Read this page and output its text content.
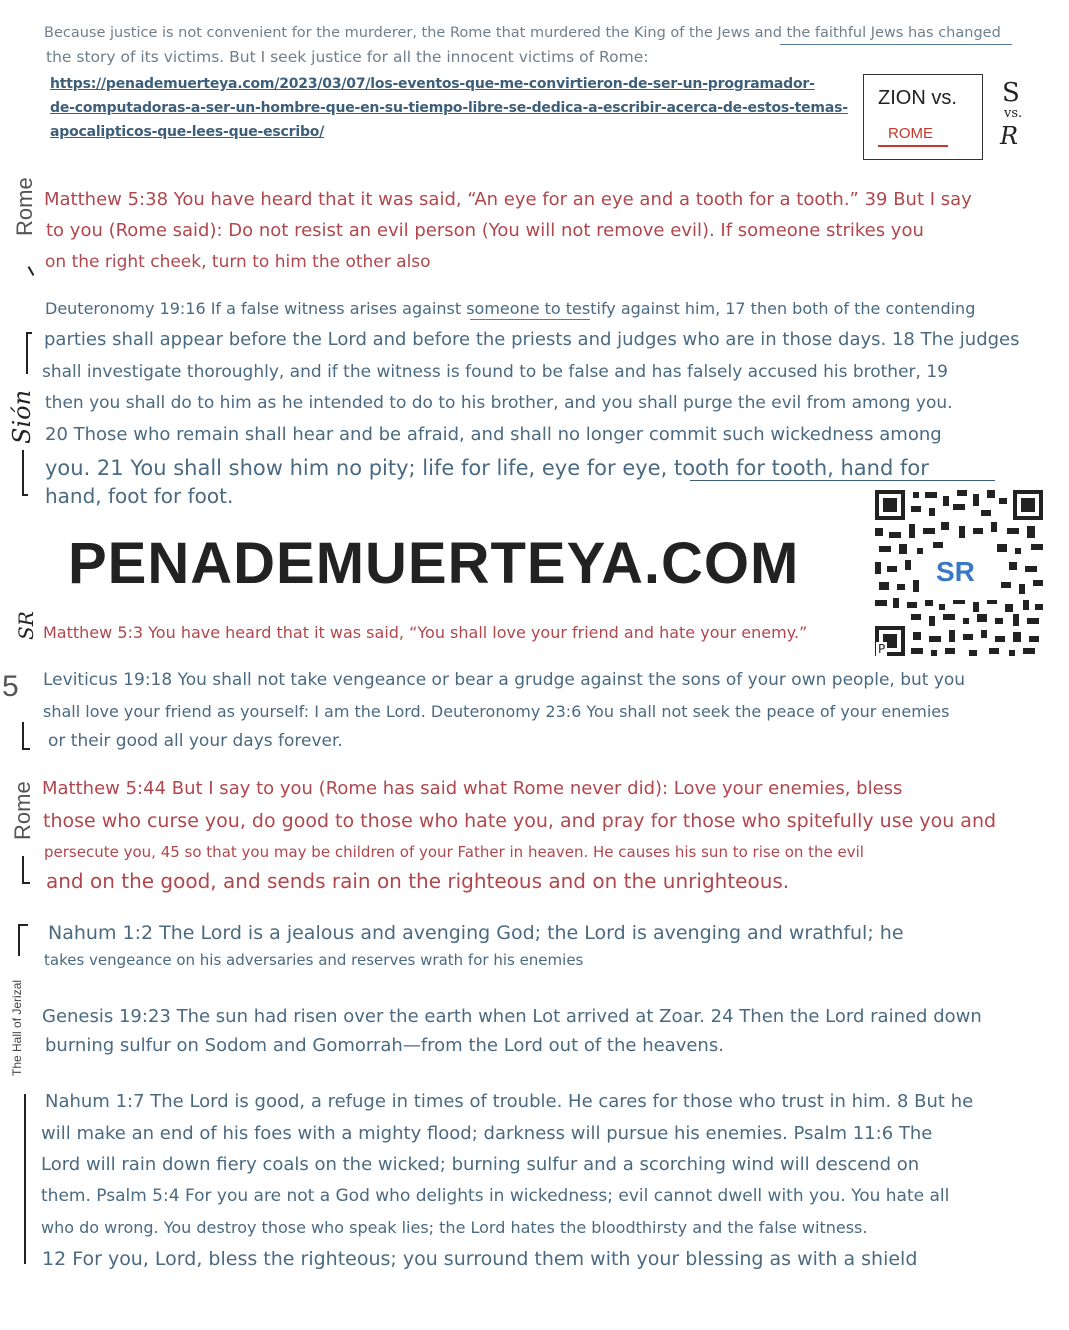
Because justice is not convenient for the murderer, the Rome that murdered the King of the Jews and the faithful Jews has changed
the story of its victims. But I seek justice for all the innocent victims of Rome:
https://penademuerteya.com/2023/03/07/los-eventos-que-me-convirtieron-de-ser-un-programador-
de-computadoras-a-ser-un-hombre-que-en-su-tiempo-libre-se-dedica-a-escribir-acerca-de-estos-temas-
apocalipticos-que-lees-que-escribo/
ZION vs.
ROME
S
vs.
R
Rome Matthew 5:38 You have heard that it was said, “An eye for an eye and a tooth for a tooth.” 39 But I say
to you (Rome said): Do not resist an evil person (You will not remove evil). If someone strikes you
on the right cheek, turn to him the other also
Sión
Deuteronomy 19:16 If a false witness arises against someone to testify against him, 17 then both of the contending
parties shall appear before the Lord and before the priests and judges who are in those days. 18 The judges
shall investigate thoroughly, and if the witness is found to be false and has falsely accused his brother, 19
then you shall do to him as he intended to do to his brother, and you shall purge the evil from among you.
20 Those who remain shall hear and be afraid, and shall no longer commit such wickedness among
you. 21 You shall show him no pity; life for life, eye for eye, tooth for tooth, hand for
hand, foot for foot.
PENADEMUERTEYA.COM	SR
P
SR Matthew 5:3 You have heard that it was said, “You shall love your friend and hate your enemy.”
5 Leviticus 19:18 You shall not take vengeance or bear a grudge against the sons of your own people, but you
shall love your friend as yourself: I am the Lord. Deuteronomy 23:6 You shall not seek the peace of your enemies
or their good all your days forever.
Rome Matthew 5:44 But I say to you (Rome has said what Rome never did): Love your enemies, bless
those who curse you, do good to those who hate you, and pray for those who spitefully use you and
persecute you, 45 so that you may be children of your Father in heaven. He causes his sun to rise on the evil
and on the good, and sends rain on the righteous and on the unrighteous.
Nahum 1:2 The Lord is a jealous and avenging God; the Lord is avenging and wrathful; he
takes vengeance on his adversaries and reserves wrath for his enemies
The Hall of Jerizal Genesis 19:23 The sun had risen over the earth when Lot arrived at Zoar. 24 Then the Lord rained down
burning sulfur on Sodom and Gomorrah—from the Lord out of the heavens.
Nahum 1:7 The Lord is good, a refuge in times of trouble. He cares for those who trust in him. 8 But he
will make an end of his foes with a mighty flood; darkness will pursue his enemies. Psalm 11:6 The
Lord will rain down fiery coals on the wicked; burning sulfur and a scorching wind will descend on
them. Psalm 5:4 For you are not a God who delights in wickedness; evil cannot dwell with you. You hate all
who do wrong. You destroy those who speak lies; the Lord hates the bloodthirsty and the false witness.
12 For you, Lord, bless the righteous; you surround them with your blessing as with a shield
